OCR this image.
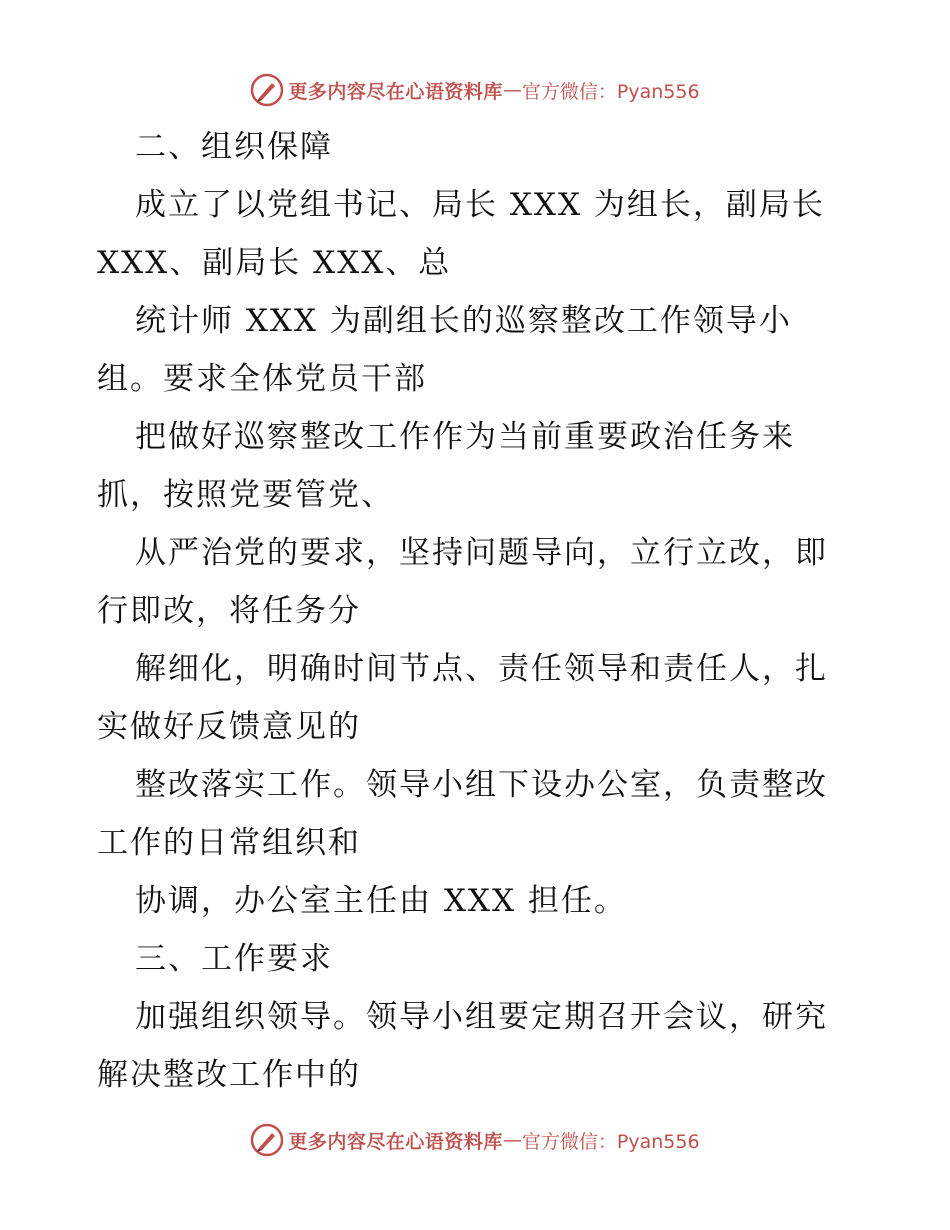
更多内容尽在心语资料库 — 官方微信：Pyan556
二、组织保障
成立了以党组书记、局长 XXX 为组长，副局长
XXX、副局长 XXX、总
统计师 XXX 为副组长的巡察整改工作领导小
组。要求全体党员干部
把做好巡察整改工作作为当前重要政治任务来
抓，按照党要管党、
从严治党的要求，坚持问题导向，立行立改，即
行即改，将任务分
解细化，明确时间节点、责任领导和责任人，扎
实做好反馈意见的
整改落实工作。领导小组下设办公室，负责整改
工作的日常组织和
协调，办公室主任由 XXX 担任。
三、工作要求
加强组织领导。领导小组要定期召开会议，研究
解决整改工作中的
更多内容尽在心语资料库 — 官方微信：Pyan556
